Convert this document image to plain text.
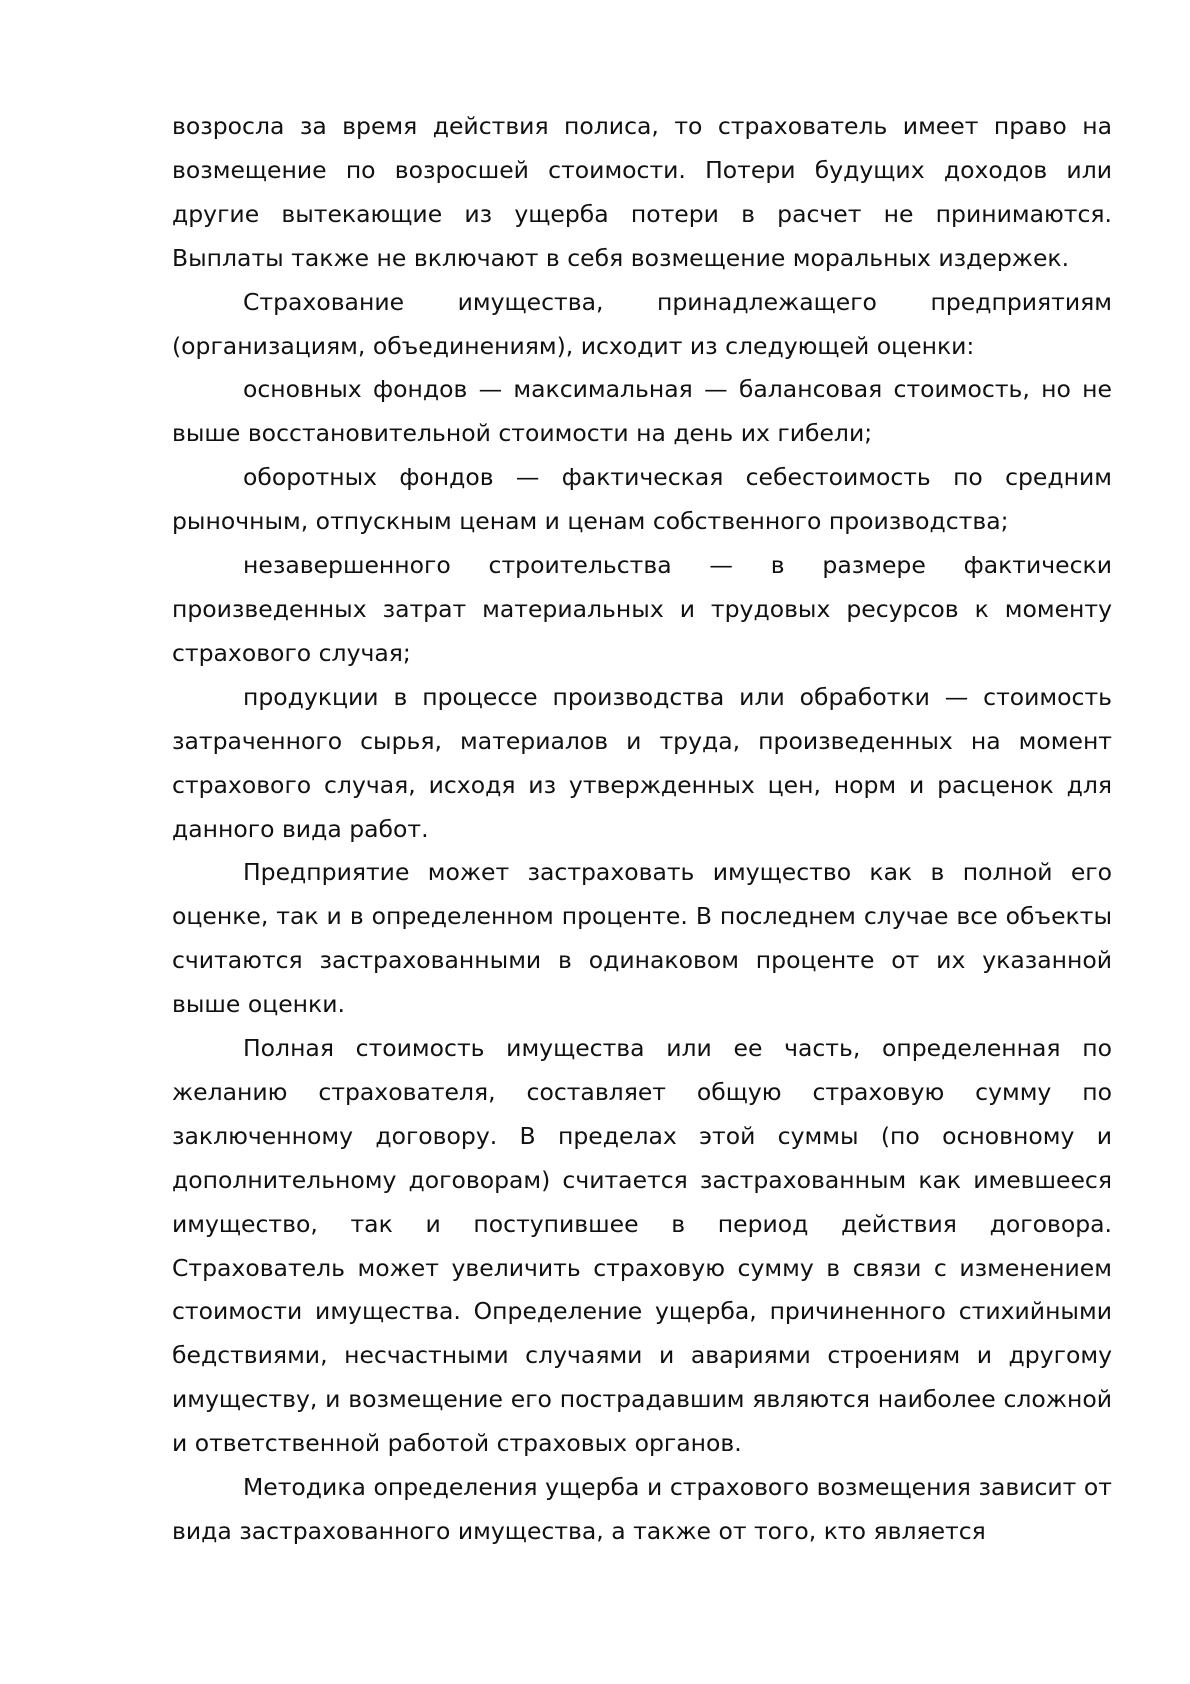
возросла за время действия полиса, то страхователь имеет право на возмещение по возросшей стоимости. Потери будущих доходов или другие вытекающие из ущерба потери в расчет не принимаются. Выплаты также не включают в себя возмещение моральных издержек.

Страхование имущества, принадлежащего предприятиям (организациям, объединениям), исходит из следующей оценки:

основных фондов — максимальная — балансовая стоимость, но не выше восстановительной стоимости на день их гибели;

оборотных фондов — фактическая себестоимость по средним рыночным, отпускным ценам и ценам собственного производства;

незавершенного строительства — в размере фактически произведенных затрат материальных и трудовых ресурсов к моменту страхового случая;

продукции в процессе производства или обработки — стоимость затраченного сырья, материалов и труда, произведенных на момент страхового случая, исходя из утвержденных цен, норм и расценок для данного вида работ.

Предприятие может застраховать имущество как в полной его оценке, так и в определенном проценте. В последнем случае все объекты считаются застрахованными в одинаковом проценте от их указанной выше оценки.

Полная стоимость имущества или ее часть, определенная по желанию страхователя, составляет общую страховую сумму по заключенному договору. В пределах этой суммы (по основному и дополнительному договорам) считается застрахованным как имевшееся имущество, так и поступившее в период действия договора. Страхователь может увеличить страховую сумму в связи с изменением стоимости имущества. Определение ущерба, причиненного стихийными бедствиями, несчастными случаями и авариями строениям и другому имуществу, и возмещение его пострадавшим являются наиболее сложной и ответственной работой страховых органов.

Методика определения ущерба и страхового возмещения зависит от вида застрахованного имущества, а также от того, кто является
